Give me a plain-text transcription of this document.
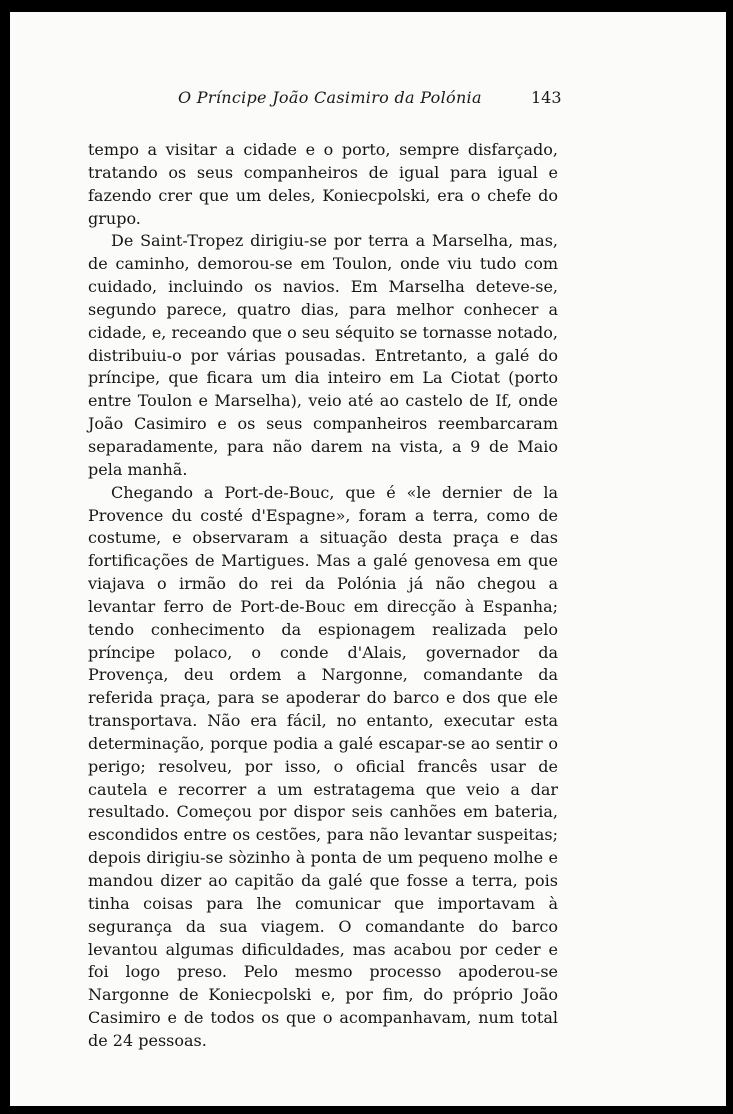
O Príncipe João Casimiro da Polónia	143

tempo a visitar a cidade e o porto, sempre disfarçado, tratando os seus companheiros de igual para igual e fazendo crer que um deles, Koniecpolski, era o chefe do grupo.

De Saint-Tropez dirigiu-se por terra a Marselha, mas, de caminho, demorou-se em Toulon, onde viu tudo com cuidado, incluindo os navios. Em Marselha deteve-se, segundo parece, quatro dias, para melhor conhecer a cidade, e, receando que o seu séquito se tornasse notado, distribuiu-o por várias pousadas. Entretanto, a galé do príncipe, que ficara um dia inteiro em La Ciotat (porto entre Toulon e Marselha), veio até ao castelo de If, onde João Casimiro e os seus companheiros reembarcaram separadamente, para não darem na vista, a 9 de Maio pela manhã.

Chegando a Port-de-Bouc, que é «le dernier de la Provence du costé d'Espagne», foram a terra, como de costume, e observaram a situação desta praça e das fortificações de Martigues. Mas a galé genovesa em que viajava o irmão do rei da Polónia já não chegou a levantar ferro de Port-de-Bouc em direcção à Espanha; tendo conhecimento da espionagem realizada pelo príncipe polaco, o conde d'Alais, governador da Provença, deu ordem a Nargonne, comandante da referida praça, para se apoderar do barco e dos que ele transportava. Não era fácil, no entanto, executar esta determinação, porque podia a galé escapar-se ao sentir o perigo; resolveu, por isso, o oficial francês usar de cautela e recorrer a um estratagema que veio a dar resultado. Começou por dispor seis canhões em bateria, escondidos entre os cestões, para não levantar suspeitas; depois dirigiu-se sòzinho à ponta de um pequeno molhe e mandou dizer ao capitão da galé que fosse a terra, pois tinha coisas para lhe comunicar que importavam à segurança da sua viagem. O comandante do barco levantou algumas dificuldades, mas acabou por ceder e foi logo preso. Pelo mesmo processo apoderou-se Nargonne de Koniecpolski e, por fim, do próprio João Casimiro e de todos os que o acompanhavam, num total de 24 pessoas.
